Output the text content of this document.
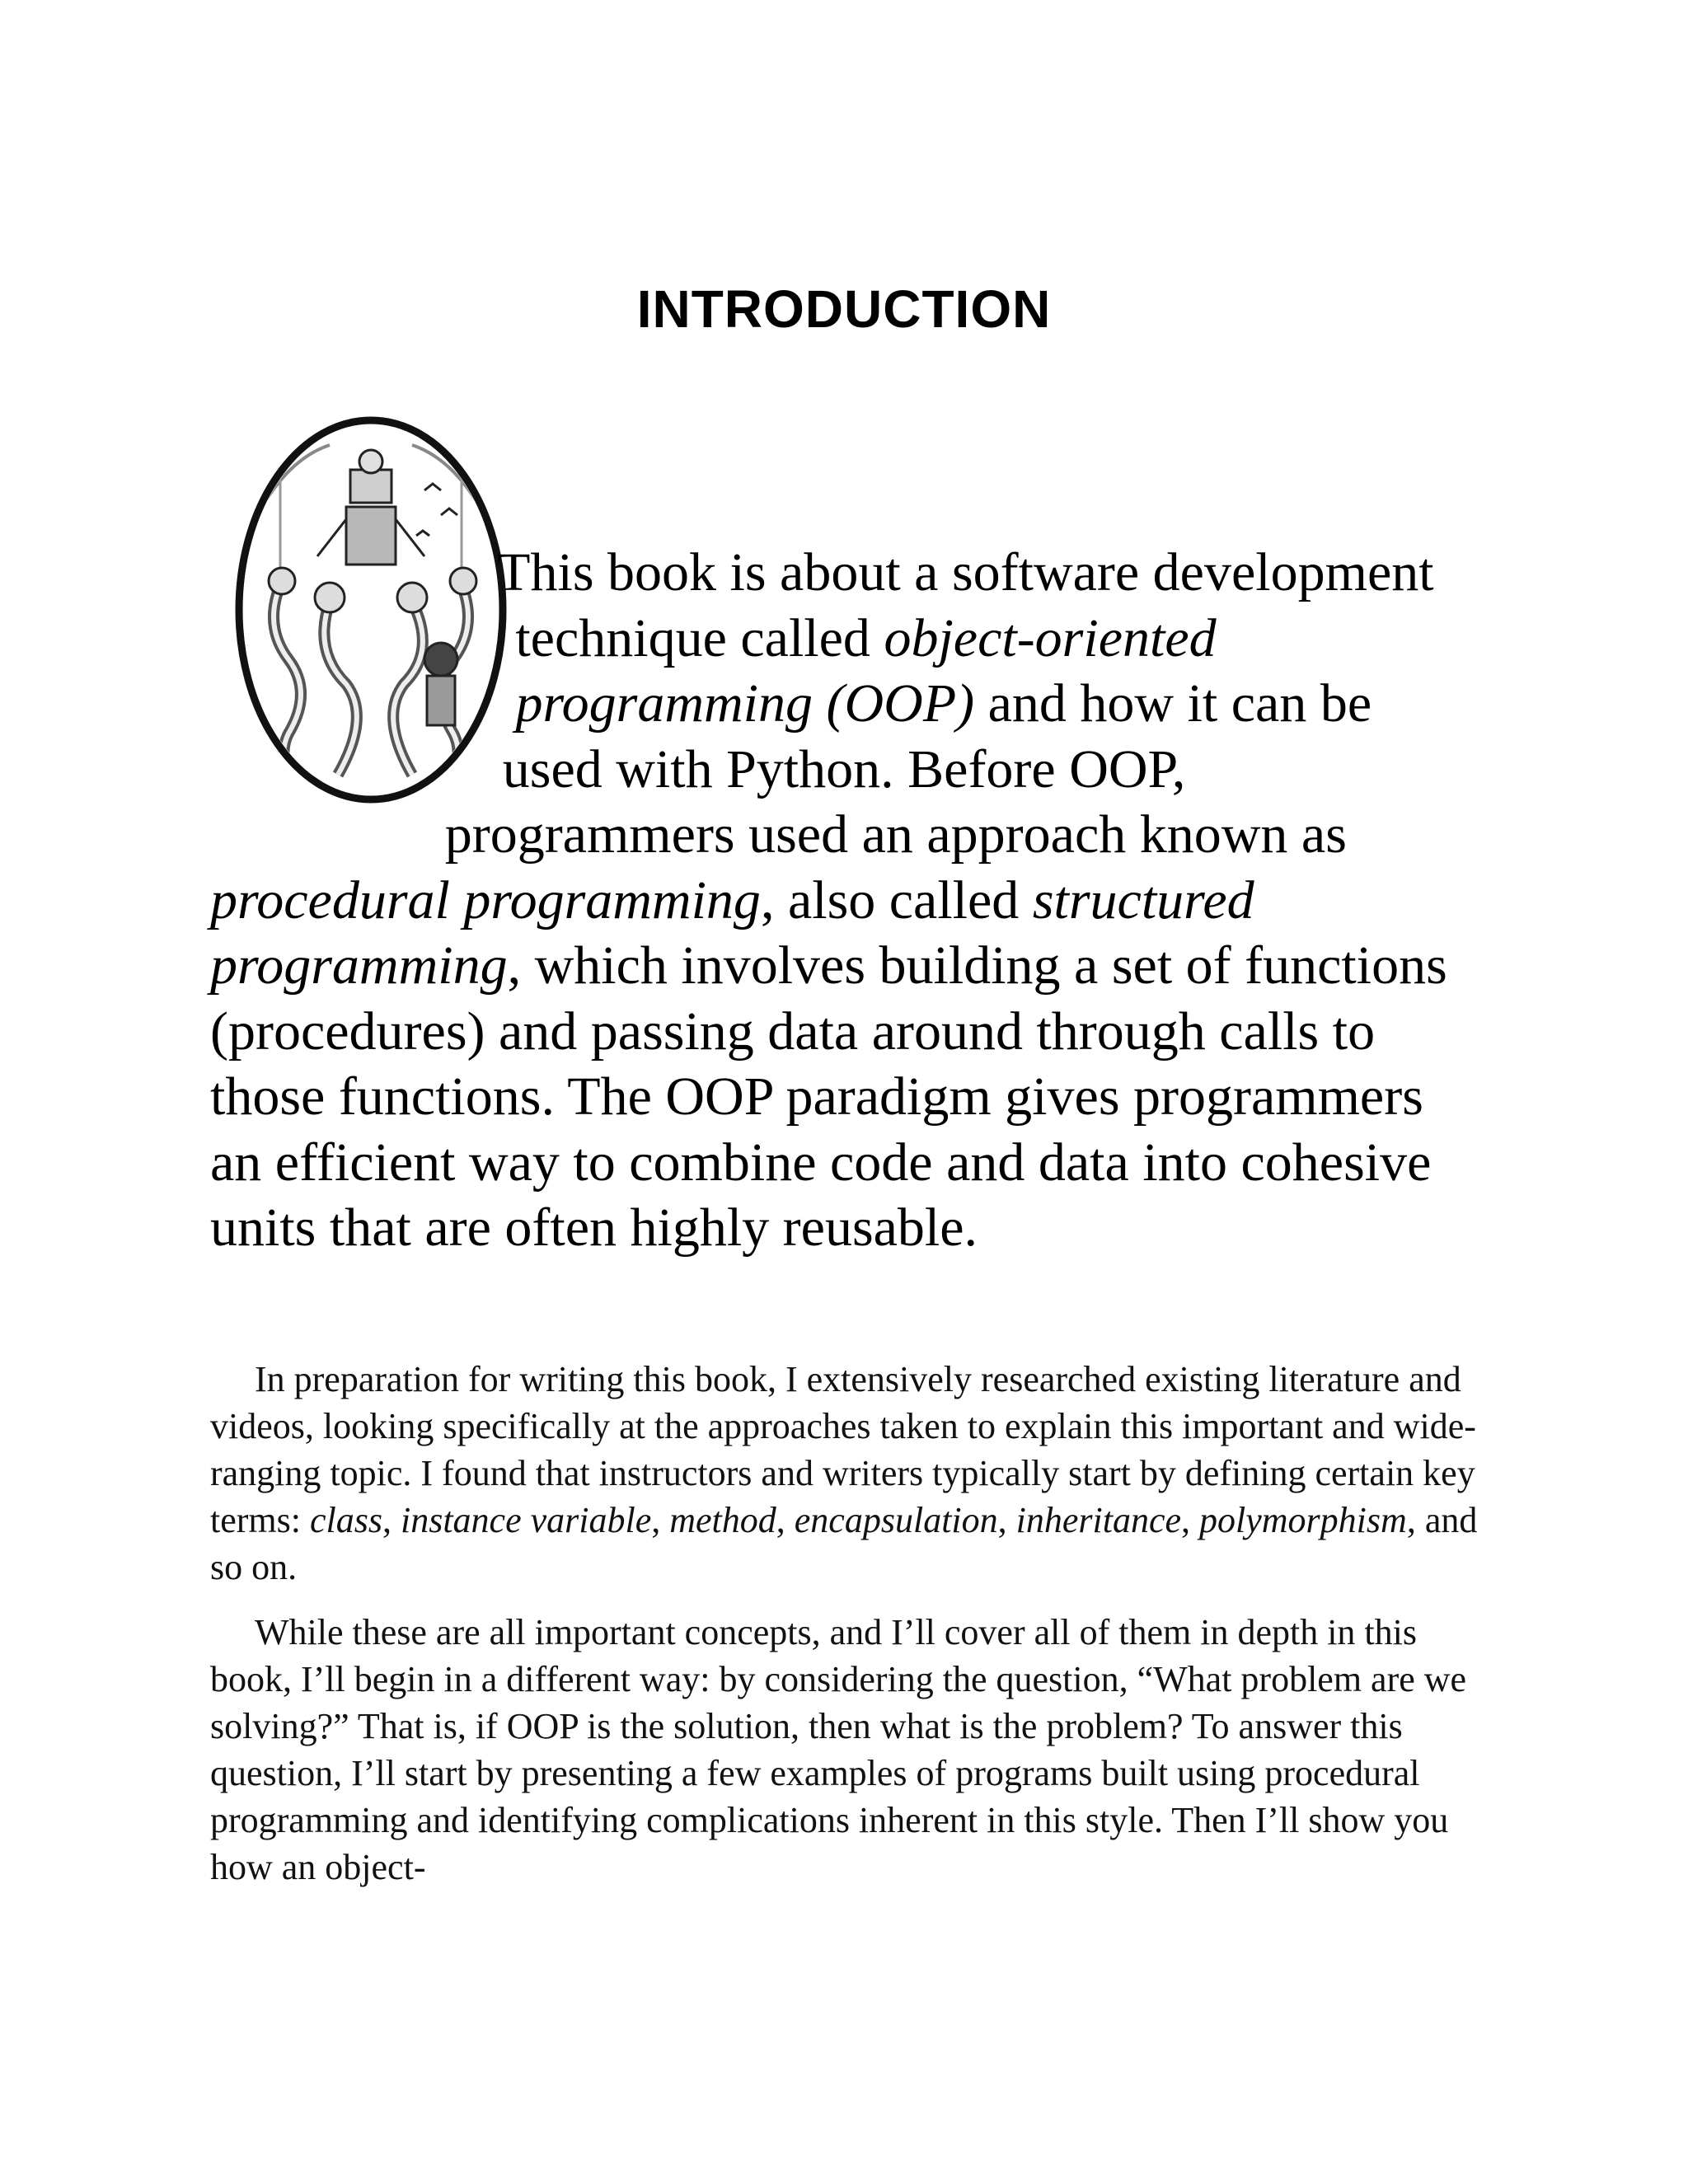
INTRODUCTION

This book is about a software development technique called object-oriented programming (OOP) and how it can be used with Python. Before OOP, programmers used an approach known as procedural programming, also called structured programming, which involves building a set of functions (procedures) and passing data around through calls to those functions. The OOP paradigm gives programmers an efficient way to combine code and data into cohesive units that are often highly reusable.

In preparation for writing this book, I extensively researched existing literature and videos, looking specifically at the approaches taken to explain this important and wide-ranging topic. I found that instructors and writers typically start by defining certain key terms: class, instance variable, method, encapsulation, inheritance, polymorphism, and so on.

While these are all important concepts, and I’ll cover all of them in depth in this book, I’ll begin in a different way: by considering the question, “What problem are we solving?” That is, if OOP is the solution, then what is the problem? To answer this question, I’ll start by presenting a few examples of programs built using procedural programming and identifying complications inherent in this style. Then I’ll show you how an object-
